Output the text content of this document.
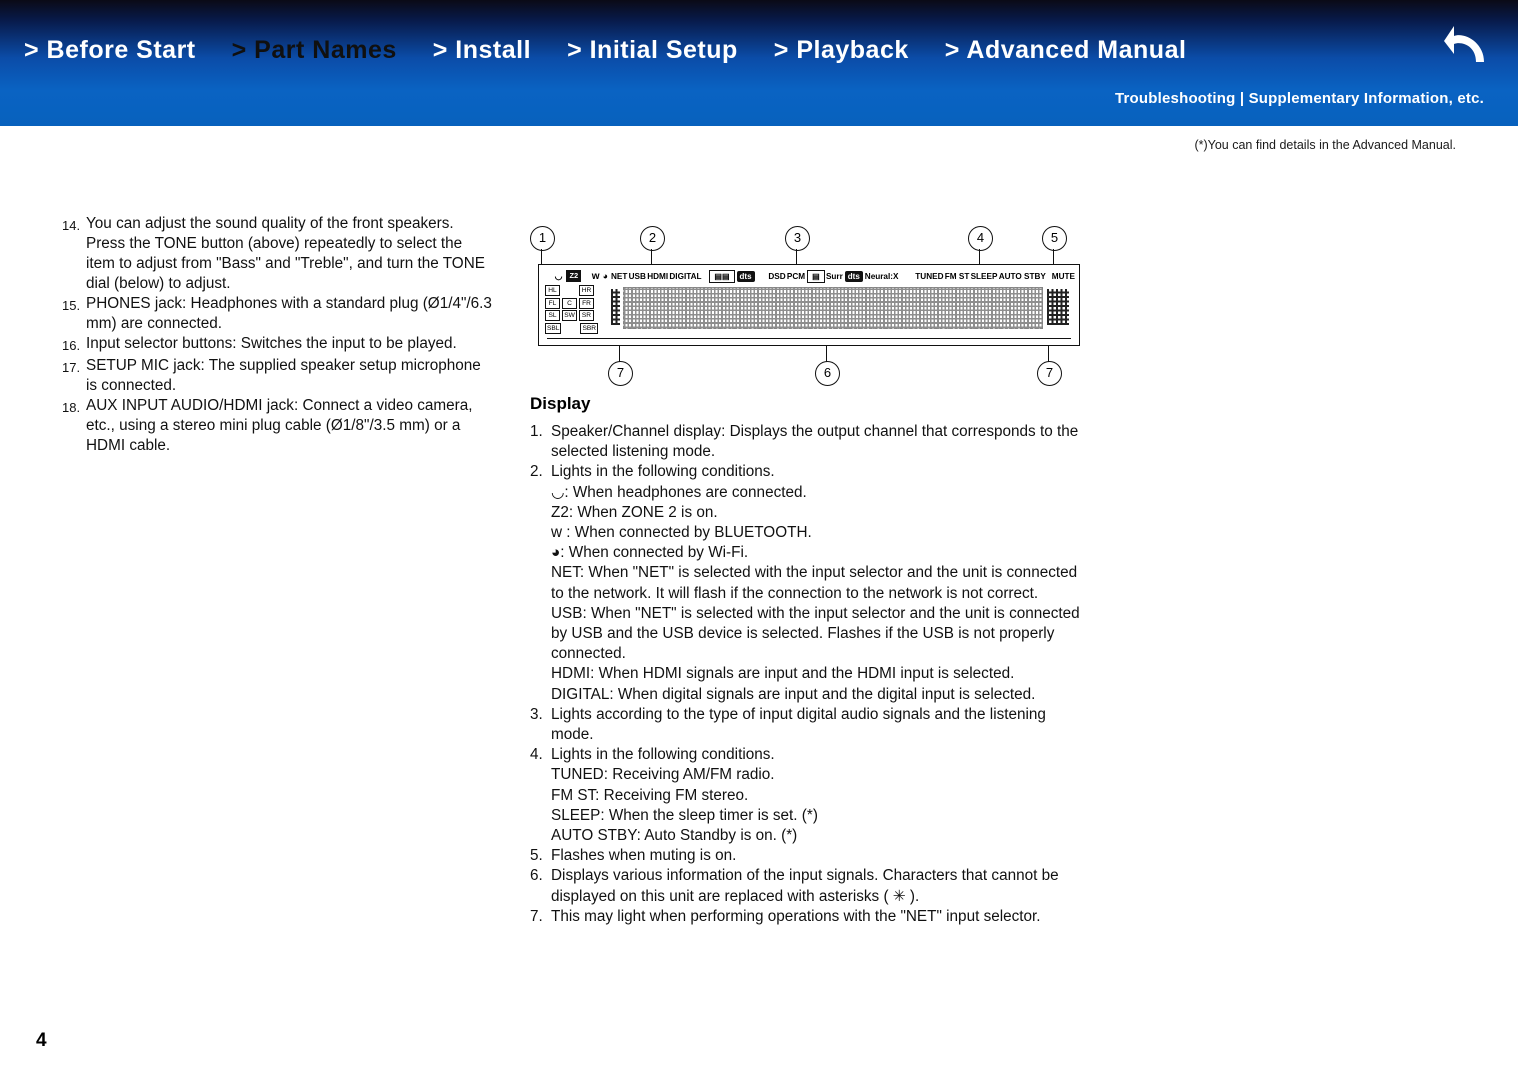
> Before Start > Part Names > Install > Initial Setup > Playback > Advanced Manual
Troubleshooting | Supplementary Information, etc.
(*)You can find details in the Advanced Manual.
14. You can adjust the sound quality of the front speakers. Press the TONE button (above) repeatedly to select the item to adjust from "Bass" and "Treble", and turn the TONE dial (below) to adjust.
15. PHONES jack: Headphones with a standard plug (Ø1/4"/6.3 mm) are connected.
16. Input selector buttons: Switches the input to be played.
17. SETUP MIC jack: The supplied speaker setup microphone is connected.
18. AUX INPUT AUDIO/HDMI jack: Connect a video camera, etc., using a stereo mini plug cable (Ø1/8"/3.5 mm) or a HDMI cable.
1	2	3	4	5
◡ Z2	w ◕ NET USB HDMI DIGITAL	▤▤	dts	DSD PCM ▤ Surr dts Neural:X TUNED FM ST SLEEP AUTO STBY MUTE
HL	HR
FL	C	FR
SL	SW	SR
SBL	SBR
7	6	7
Display
1. Speaker/Channel display: Displays the output channel that corresponds to the selected listening mode.
2. Lights in the following conditions.
◡: When headphones are connected.
Z2: When ZONE 2 is on.
w : When connected by BLUETOOTH.
◕: When connected by Wi-Fi.
NET: When "NET" is selected with the input selector and the unit is connected to the network. It will flash if the connection to the network is not correct.
USB: When "NET" is selected with the input selector and the unit is connected by USB and the USB device is selected. Flashes if the USB is not properly connected.
HDMI: When HDMI signals are input and the HDMI input is selected.
DIGITAL: When digital signals are input and the digital input is selected.
3. Lights according to the type of input digital audio signals and the listening mode.
4. Lights in the following conditions.
TUNED: Receiving AM/FM radio.
FM ST: Receiving FM stereo.
SLEEP: When the sleep timer is set. (*)
AUTO STBY: Auto Standby is on. (*)
5. Flashes when muting is on.
6. Displays various information of the input signals. Characters that cannot be displayed on this unit are replaced with asterisks ( ✳ ).
7. This may light when performing operations with the "NET" input selector.
4
